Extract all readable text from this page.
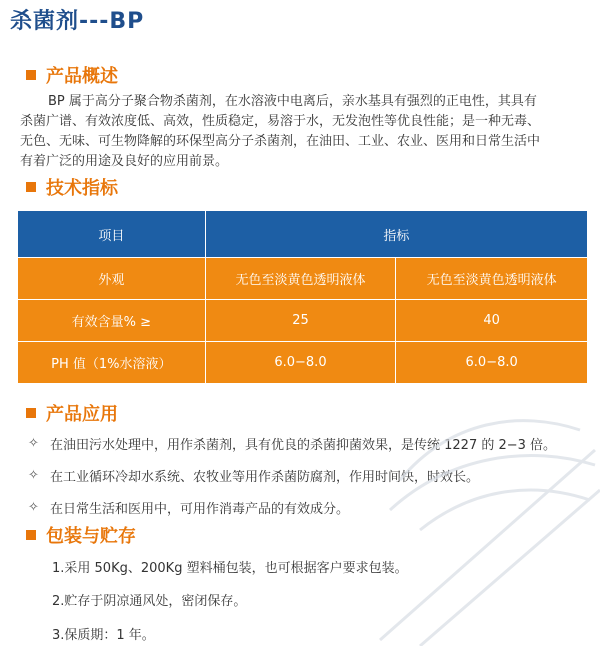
杀菌剂---BP
产品概述
BP 属于高分子聚合物杀菌剂，在水溶液中电离后，亲水基具有强烈的正电性，其具有
杀菌广谱、有效浓度低、高效，性质稳定，易溶于水，无发泡性等优良性能；是一种无毒、
无色、无味、可生物降解的环保型高分子杀菌剂，在油田、工业、农业、医用和日常生活中
有着广泛的用途及良好的应用前景。
技术指标
项目	指标	
外观	无色至淡黄色透明液体	无色至淡黄色透明液体
有效含量% ≥	25	40
PH 值（1%水溶液）	6.0−8.0	6.0−8.0
产品应用
✧ 在油田污水处理中，用作杀菌剂，具有优良的杀菌抑菌效果，是传统 1227 的 2−3 倍。
✧ 在工业循环冷却水系统、农牧业等用作杀菌防腐剂，作用时间快，时效长。
✧ 在日常生活和医用中，可用作消毒产品的有效成分。
包装与贮存
1.采用 50Kg、200Kg 塑料桶包装，也可根据客户要求包装。
2.贮存于阴凉通风处，密闭保存。
3.保质期：1 年。
